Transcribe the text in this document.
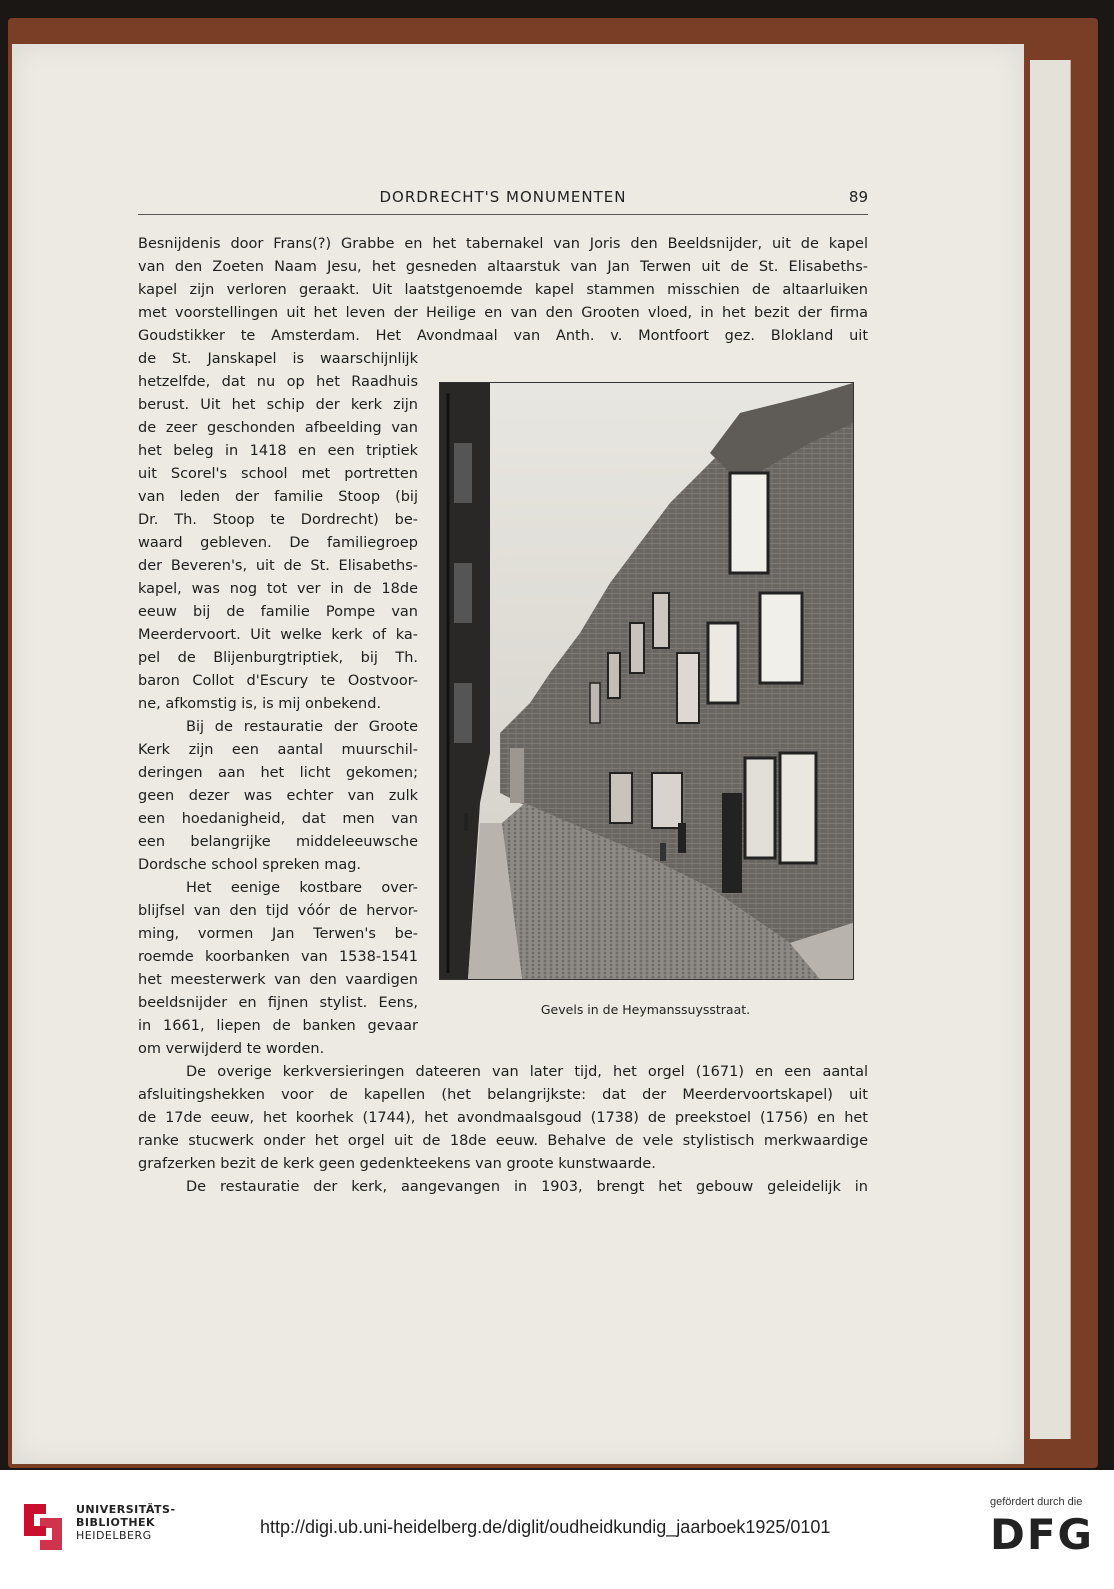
DORDRECHT'S MONUMENTEN	89
Besnijdenis door Frans(?) Grabbe en het tabernakel van Joris den Beeldsnijder, uit de kapel
van den Zoeten Naam Jesu, het gesneden altaarstuk van Jan Terwen uit de St. Elisabeths-
kapel zijn verloren geraakt. Uit laatstgenoemde kapel stammen misschien de altaarluiken
met voorstellingen uit het leven der Heilige en van den Grooten vloed, in het bezit der firma
Goudstikker te Amsterdam. Het Avondmaal van Anth. v. Montfoort gez. Blokland uit
de St. Janskapel is waarschijnlijk
hetzelfde, dat nu op het Raadhuis
berust. Uit het schip der kerk zijn
de zeer geschonden afbeelding van
het beleg in 1418 en een triptiek
uit Scorel's school met portretten
van leden der familie Stoop (bij
Dr. Th. Stoop te Dordrecht) be-
waard gebleven. De familiegroep
der Beveren's, uit de St. Elisabeths-
kapel, was nog tot ver in de 18de
eeuw bij de familie Pompe van
Meerdervoort. Uit welke kerk of ka-
pel de Blijenburgtriptiek, bij Th.
baron Collot d'Escury te Oostvoor-
ne, afkomstig is, is mij onbekend.
Bij de restauratie der Groote
Kerk zijn een aantal muurschil-
deringen aan het licht gekomen;
geen dezer was echter van zulk
een hoedanigheid, dat men van
een belangrijke middeleeuwsche
Dordsche school spreken mag.
Het eenige kostbare over-
blijfsel van den tijd vóór de hervor-
ming, vormen Jan Terwen's be-
roemde koorbanken van 1538-1541
het meesterwerk van den vaardigen
beeldsnijder en fijnen stylist. Eens,
in 1661, liepen de banken gevaar
om verwijderd te worden.
Gevels in de Heymanssuysstraat.
De overige kerkversieringen dateeren van later tijd, het orgel (1671) en een aantal
afsluitingshekken voor de kapellen (het belangrijkste: dat der Meerdervoortskapel) uit
de 17de eeuw, het koorhek (1744), het avondmaalsgoud (1738) de preekstoel (1756) en het
ranke stucwerk onder het orgel uit de 18de eeuw. Behalve de vele stylistisch merkwaardige
grafzerken bezit de kerk geen gedenkteekens van groote kunstwaarde.
De restauratie der kerk, aangevangen in 1903, brengt het gebouw geleidelijk in
UNIVERSITÄTS-
BIBLIOTHEK
HEIDELBERG	http://digi.ub.uni-heidelberg.de/diglit/oudheidkundig_jaarboek1925/0101
gefördert durch die
DFG
